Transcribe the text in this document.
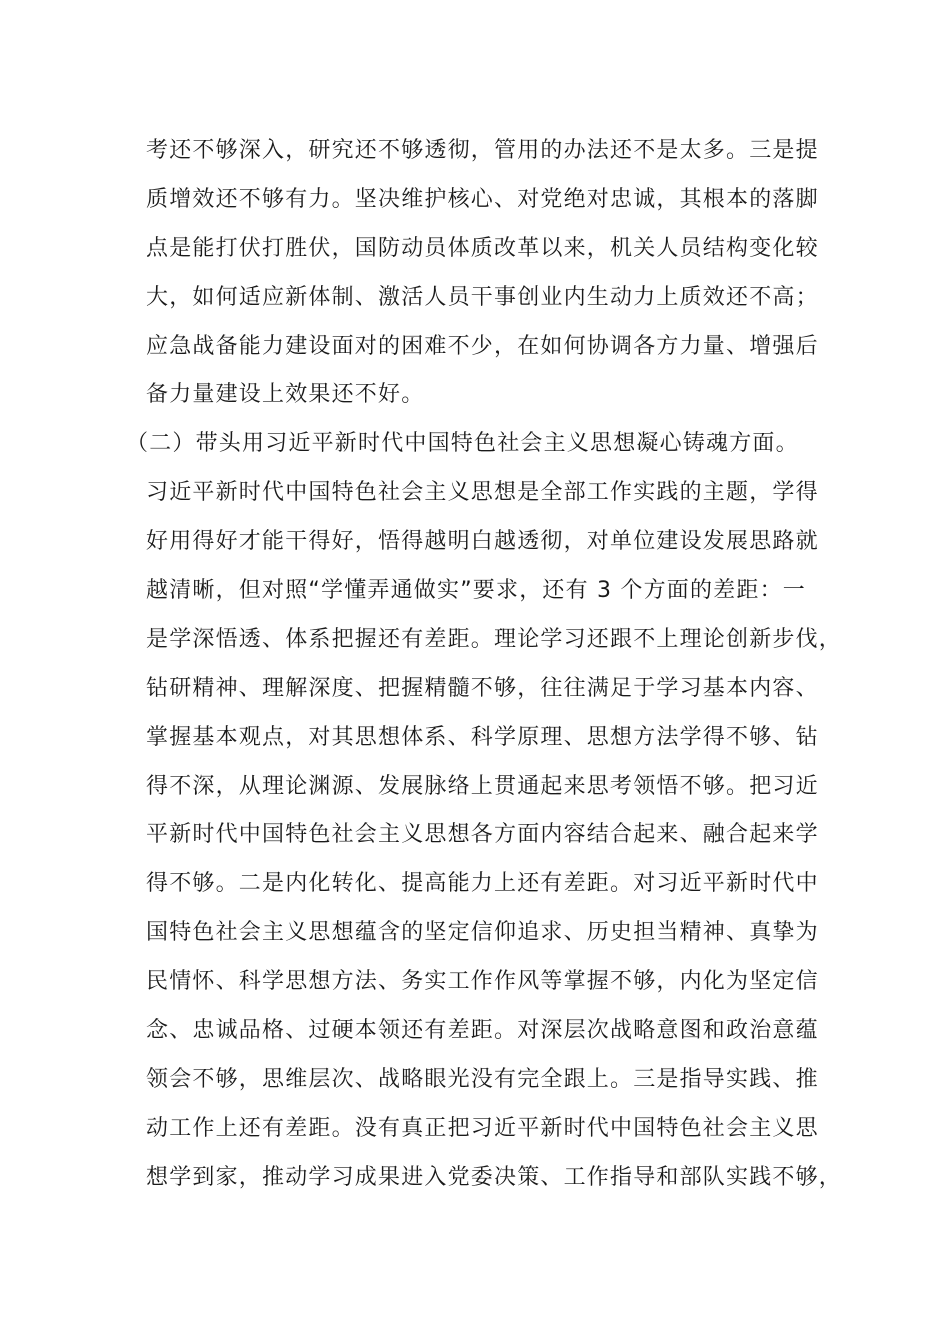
考还不够深入，研究还不够透彻，管用的办法还不是太多。三是提
质增效还不够有力。坚决维护核心、对党绝对忠诚，其根本的落脚
点是能打伏打胜伏，国防动员体质改革以来，机关人员结构变化较
大，如何适应新体制、激活人员干事创业内生动力上质效还不高；
应急战备能力建设面对的困难不少，在如何协调各方力量、增强后
备力量建设上效果还不好。
（二）带头用习近平新时代中国特色社会主义思想凝心铸魂方面。
习近平新时代中国特色社会主义思想是全部工作实践的主题，学得
好用得好才能干得好，悟得越明白越透彻，对单位建设发展思路就
越清晰，但对照“学懂弄通做实”要求，还有 3 个方面的差距：一
是学深悟透、体系把握还有差距。理论学习还跟不上理论创新步伐，
钻研精神、理解深度、把握精髓不够，往往满足于学习基本内容、
掌握基本观点，对其思想体系、科学原理、思想方法学得不够、钻
得不深，从理论渊源、发展脉络上贯通起来思考领悟不够。把习近
平新时代中国特色社会主义思想各方面内容结合起来、融合起来学
得不够。二是内化转化、提高能力上还有差距。对习近平新时代中
国特色社会主义思想蕴含的坚定信仰追求、历史担当精神、真挚为
民情怀、科学思想方法、务实工作作风等掌握不够，内化为坚定信
念、忠诚品格、过硬本领还有差距。对深层次战略意图和政治意蕴
领会不够，思维层次、战略眼光没有完全跟上。三是指导实践、推
动工作上还有差距。没有真正把习近平新时代中国特色社会主义思
想学到家，推动学习成果进入党委决策、工作指导和部队实践不够，
